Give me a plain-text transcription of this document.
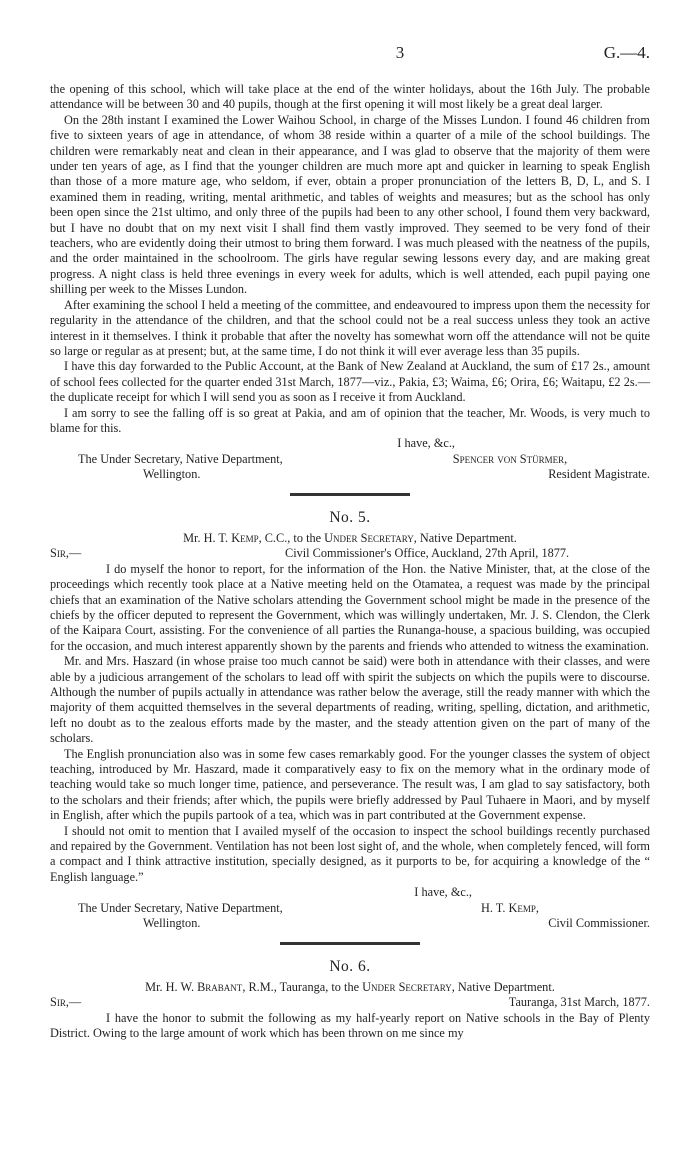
3	G.—4.

the opening of this school, which will take place at the end of the winter holidays, about the 16th July. The probable attendance will be between 30 and 40 pupils, though at the first opening it will most likely be a great deal larger.

On the 28th instant I examined the Lower Waihou School, in charge of the Misses Lundon. I found 46 children from five to sixteen years of age in attendance, of whom 38 reside within a quarter of a mile of the school buildings. The children were remarkably neat and clean in their appearance, and I was glad to observe that the majority of them were under ten years of age, as I find that the younger children are much more apt and quicker in learning to speak English than those of a more mature age, who seldom, if ever, obtain a proper pronunciation of the letters B, D, L, and S. I examined them in reading, writing, mental arithmetic, and tables of weights and measures; but as the school has only been open since the 21st ultimo, and only three of the pupils had been to any other school, I found them very backward, but I have no doubt that on my next visit I shall find them vastly improved. They seemed to be very fond of their teachers, who are evidently doing their utmost to bring them forward. I was much pleased with the neatness of the pupils, and the order maintained in the schoolroom. The girls have regular sewing lessons every day, and are making great progress. A night class is held three evenings in every week for adults, which is well attended, each pupil paying one shilling per week to the Misses Lundon.

After examining the school I held a meeting of the committee, and endeavoured to impress upon them the necessity for regularity in the attendance of the children, and that the school could not be a real success unless they took an active interest in it themselves. I think it probable that after the novelty has somewhat worn off the attendance will not be quite so large or regular as at present; but, at the same time, I do not think it will ever average less than 35 pupils.

I have this day forwarded to the Public Account, at the Bank of New Zealand at Auckland, the sum of £17 2s., amount of school fees collected for the quarter ended 31st March, 1877—viz., Pakia, £3; Waima, £6; Orira, £6; Waitapu, £2 2s.—the duplicate receipt for which I will send you as soon as I receive it from Auckland.

I am sorry to see the falling off is so great at Pakia, and am of opinion that the teacher, Mr. Woods, is very much to blame for this.

I have, &c.,
The Under Secretary, Native Department,
Wellington.
Spencer von Stürmer,
Resident Magistrate.
No. 5.
Mr. H. T. Kemp, C.C., to the Under Secretary, Native Department.
Sir,—	Civil Commissioner's Office, Auckland, 27th April, 1877.

I do myself the honor to report, for the information of the Hon. the Native Minister, that, at the close of the proceedings which recently took place at a Native meeting held on the Otamatea, a request was made by the principal chiefs that an examination of the Native scholars attending the Government school might be made in the presence of the chiefs by the officer deputed to represent the Government, which was willingly undertaken, Mr. J. S. Clendon, the Clerk of the Kaipara Court, assisting. For the convenience of all parties the Runanga-house, a spacious building, was occupied for the occasion, and much interest apparently shown by the parents and friends who attended to witness the examination.

Mr. and Mrs. Haszard (in whose praise too much cannot be said) were both in attendance with their classes, and were able by a judicious arrangement of the scholars to lead off with spirit the subjects on which the pupils were to discourse. Although the number of pupils actually in attendance was rather below the average, still the ready manner with which the majority of them acquitted themselves in the several departments of reading, writing, spelling, dictation, and arithmetic, left no doubt as to the zealous efforts made by the master, and the steady attention given on the part of many of the scholars.

The English pronunciation also was in some few cases remarkably good. For the younger classes the system of object teaching, introduced by Mr. Haszard, made it comparatively easy to fix on the memory what in the ordinary mode of teaching would take so much longer time, patience, and perseverance. The result was, I am glad to say satisfactory, both to the scholars and their friends; after which, the pupils were briefly addressed by Paul Tuhaere in Maori, and by myself in English, after which the pupils partook of a tea, which was in part contributed at the Government expense.

I should not omit to mention that I availed myself of the occasion to inspect the school buildings recently purchased and repaired by the Government. Ventilation has not been lost sight of, and the whole, when completely fenced, will form a compact and I think attractive institution, specially designed, as it purports to be, for acquiring a knowledge of the “ English language.”

I have, &c.,
The Under Secretary, Native Department,
Wellington.
H. T. Kemp,
Civil Commissioner.
No. 6.
Mr. H. W. Brabant, R.M., Tauranga, to the Under Secretary, Native Department.
Sir,—	Tauranga, 31st March, 1877.

I have the honor to submit the following as my half-yearly report on Native schools in the Bay of Plenty District. Owing to the large amount of work which has been thrown on me since my
